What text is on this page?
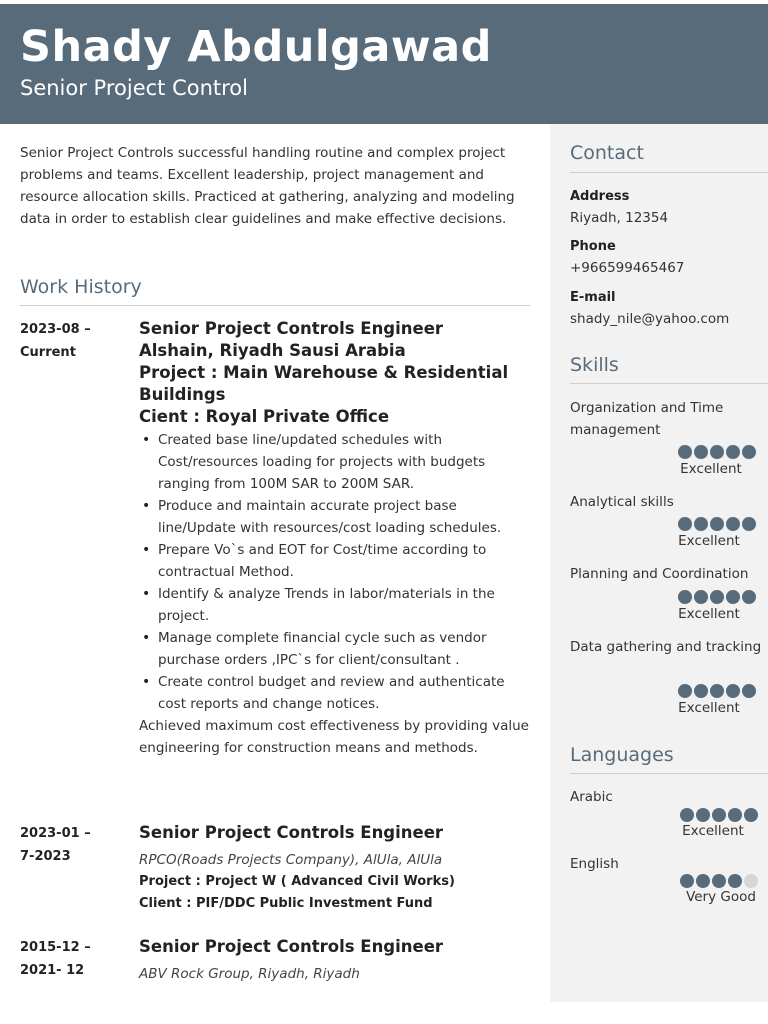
Shady Abdulgawad
Senior Project Control
Contact
Address
Riyadh, 12354
Phone
+966599465467
E-mail
shady_nile@yahoo.com
Skills
Organization and Time management
Excellent
Analytical skills
Excellent
Planning and Coordination
Excellent
Data gathering and tracking
Excellent
Languages
Arabic
Excellent
English
Very Good
Senior Project Controls successful handling routine and complex project problems and teams. Excellent leadership, project management and resource allocation skills. Practiced at gathering, analyzing and modeling data in order to establish clear guidelines and make effective decisions.
Work History
2023-08 –
Current
Senior Project Controls Engineer
Alshain, Riyadh Sausi Arabia
Project : Main Warehouse & Residential Buildings
Cient : Royal Private Office
• Created base line/updated schedules with Cost/resources loading for projects with budgets ranging from 100M SAR to 200M SAR.
• Produce and maintain accurate project base line/Update with resources/cost loading schedules.
• Prepare Vo`s and EOT for Cost/time according to contractual Method.
• Identify & analyze Trends in labor/materials in the project.
• Manage complete financial cycle such as vendor purchase orders ,IPC`s for client/consultant .
• Create control budget and review and authenticate cost reports and change notices.
Achieved maximum cost effectiveness by providing value engineering for construction means and methods.
2023-01 –
7-2023
Senior Project Controls Engineer
RPCO(Roads Projects Company), AlUla, AlUla
Project : Project W ( Advanced Civil Works)
Client : PIF/DDC Public Investment Fund
2015-12 –
2021- 12
Senior Project Controls Engineer
ABV Rock Group, Riyadh, Riyadh
